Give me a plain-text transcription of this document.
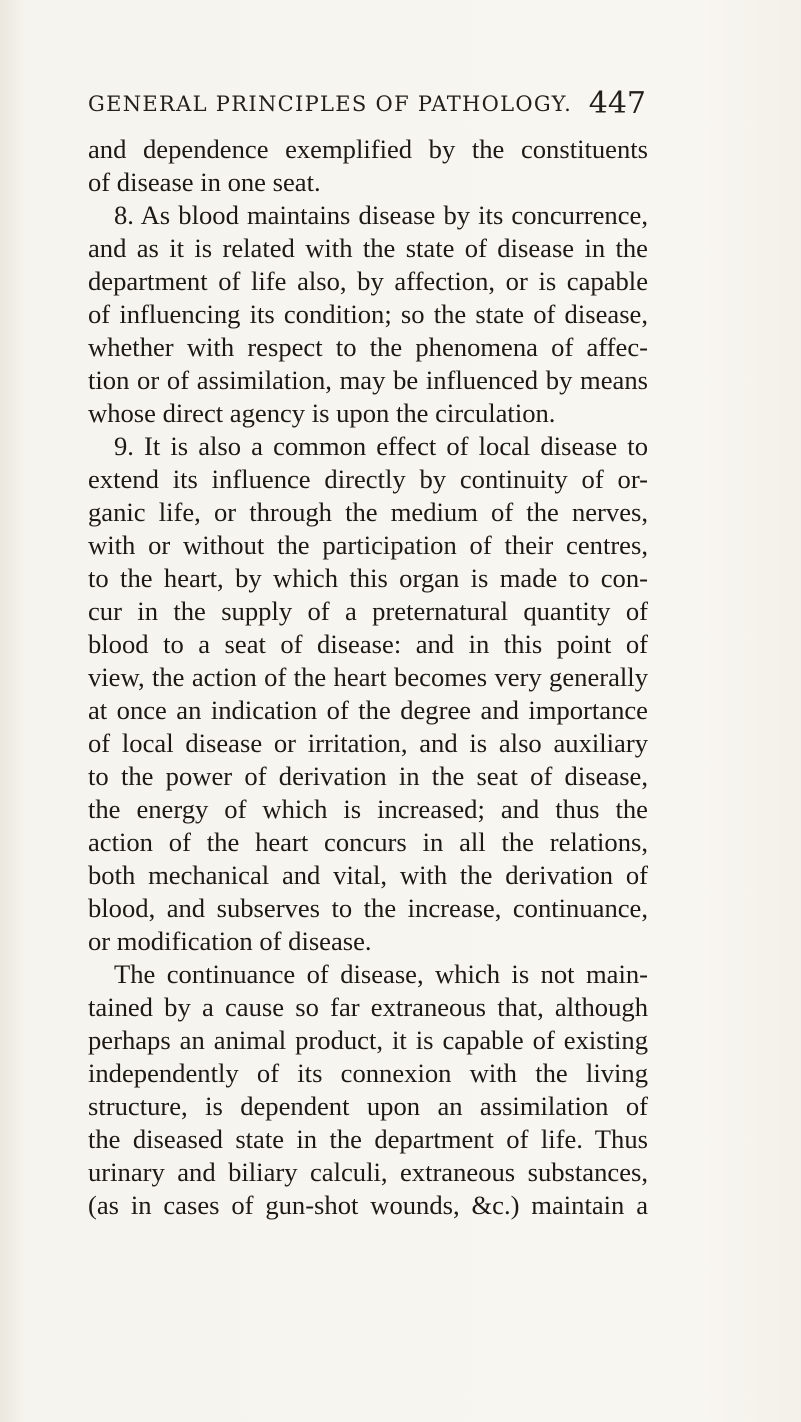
GENERAL PRINCIPLES OF PATHOLOGY. 447
and dependence exemplified by the constituents
of disease in one seat.
8. As blood maintains disease by its concurrence,
and as it is related with the state of disease in the
department of life also, by affection, or is capable
of influencing its condition; so the state of disease,
whether with respect to the phenomena of affec-
tion or of assimilation, may be influenced by means
whose direct agency is upon the circulation.
9. It is also a common effect of local disease to
extend its influence directly by continuity of or-
ganic life, or through the medium of the nerves,
with or without the participation of their centres,
to the heart, by which this organ is made to con-
cur in the supply of a preternatural quantity of
blood to a seat of disease: and in this point of
view, the action of the heart becomes very generally
at once an indication of the degree and importance
of local disease or irritation, and is also auxiliary
to the power of derivation in the seat of disease,
the energy of which is increased; and thus the
action of the heart concurs in all the relations,
both mechanical and vital, with the derivation of
blood, and subserves to the increase, continuance,
or modification of disease.
The continuance of disease, which is not main-
tained by a cause so far extraneous that, although
perhaps an animal product, it is capable of existing
independently of its connexion with the living
structure, is dependent upon an assimilation of
the diseased state in the department of life. Thus
urinary and biliary calculi, extraneous substances,
(as in cases of gun-shot wounds, &c.) maintain a
